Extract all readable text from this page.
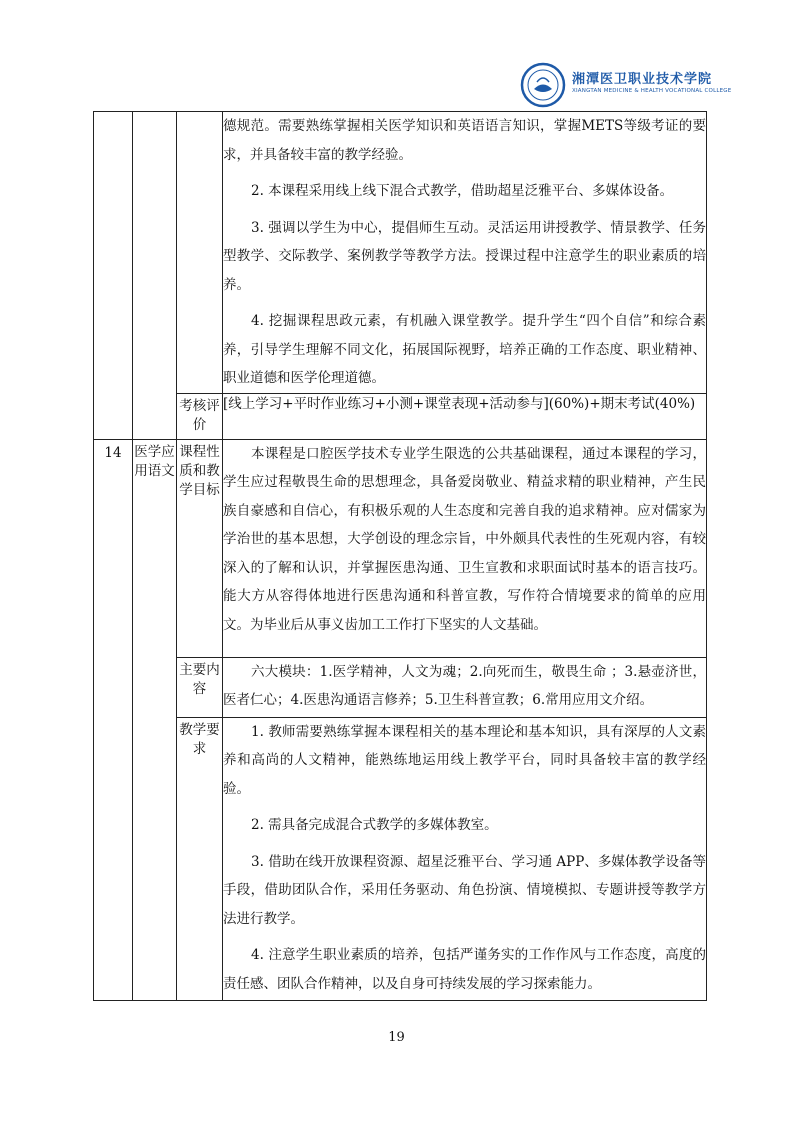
湘潭医卫职业技术学院
XIANGTAN MEDICINE & HEALTH VOCATIONAL COLLEGE

			德规范。需要熟练掌握相关医学知识和英语语言知识，掌握METS等级考证的要求，并具备较丰富的教学经验。

2. 本课程采用线上线下混合式教学，借助超星泛雅平台、多媒体设备。

3. 强调以学生为中心，提倡师生互动。灵活运用讲授教学、情景教学、任务型教学、交际教学、案例教学等教学方法。授课过程中注意学生的职业素质的培养。

4. 挖掘课程思政元素，有机融入课堂教学。提升学生“四个自信”和综合素养，引导学生理解不同文化，拓展国际视野，培养正确的工作态度、职业精神、职业道德和医学伦理道德。

		考核评价	[线上学习+平时作业练习+小测+课堂表现+活动参与](60%)+期末考试(40%)

14	医学应用语文	课程性质和教学目标	本课程是口腔医学技术专业学生限选的公共基础课程，通过本课程的学习，学生应过程敬畏生命的思想理念，具备爱岗敬业、精益求精的职业精神，产生民族自豪感和自信心，有积极乐观的人生态度和完善自我的追求精神。应对儒家为学治世的基本思想，大学创设的理念宗旨，中外颇具代表性的生死观内容，有较深入的了解和认识，并掌握医患沟通、卫生宣教和求职面试时基本的语言技巧。能大方从容得体地进行医患沟通和科普宣教，写作符合情境要求的简单的应用文。为毕业后从事义齿加工工作打下坚实的人文基础。

		主要内容	六大模块：1.医学精神，人文为魂；2.向死而生，敬畏生命 ；3.悬壶济世，医者仁心；4.医患沟通语言修养；5.卫生科普宣教；6.常用应用文介绍。

		教学要求	1. 教师需要熟练掌握本课程相关的基本理论和基本知识，具有深厚的人文素养和高尚的人文精神，能熟练地运用线上教学平台，同时具备较丰富的教学经验。

2. 需具备完成混合式教学的多媒体教室。

3. 借助在线开放课程资源、超星泛雅平台、学习通 APP、多媒体教学设备等手段，借助团队合作，采用任务驱动、角色扮演、情境模拟、专题讲授等教学方法进行教学。

4. 注意学生职业素质的培养，包括严谨务实的工作作风与工作态度，高度的责任感、团队合作精神，以及自身可持续发展的学习探索能力。

19
